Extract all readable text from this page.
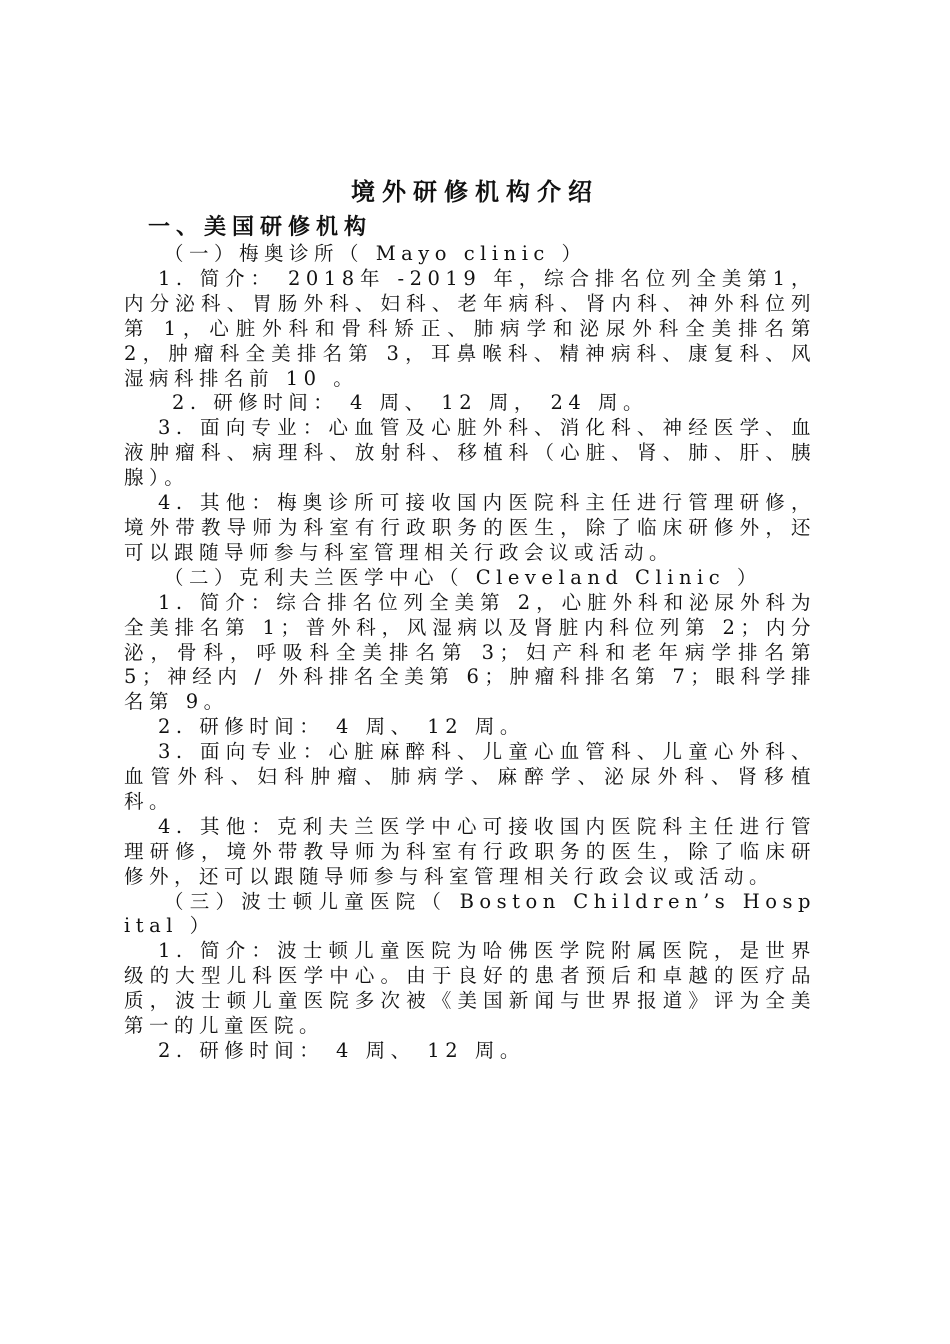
境外研修机构介绍
一、美国研修机构

（一）梅奥诊所（ Mayo clinic ）

1. 简介： 2018年 -2019 年，综合排名位列全美第1，内分泌科、胃肠外科、妇科、老年病科、肾内科、神外科位列第 1，心脏外科和骨科矫正、肺病学和泌尿外科全美排名第 2，肿瘤科全美排名第 3，耳鼻喉科、精神病科、康复科、风湿病科排名前 10 。

2. 研修时间： 4 周、 12 周， 24 周。

3. 面向专业：心血管及心脏外科、消化科、神经医学、血液肿瘤科、病理科、放射科、移植科（心脏、肾、肺、肝、胰腺）。

4. 其他：梅奥诊所可接收国内医院科主任进行管理研修，境外带教导师为科室有行政职务的医生，除了临床研修外，还可以跟随导师参与科室管理相关行政会议或活动。

（二）克利夫兰医学中心（ Cleveland Clinic ）

1. 简介：综合排名位列全美第 2，心脏外科和泌尿外科为全美排名第 1；普外科，风湿病以及肾脏内科位列第 2；内分泌，骨科，呼吸科全美排名第 3；妇产科和老年病学排名第 5；神经内 / 外科排名全美第 6；肿瘤科排名第 7；眼科学排名第 9。

2. 研修时间： 4 周、 12 周。

3. 面向专业：心脏麻醉科、儿童心血管科、儿童心外科、血管外科、妇科肿瘤、肺病学、麻醉学、泌尿外科、肾移植科。

4. 其他：克利夫兰医学中心可接收国内医院科主任进行管理研修，境外带教导师为科室有行政职务的医生，除了临床研修外，还可以跟随导师参与科室管理相关行政会议或活动。

（三）波士顿儿童医院（ Boston Children’s Hospital ）

1. 简介：波士顿儿童医院为哈佛医学院附属医院，是世界级的大型儿科医学中心。由于良好的患者预后和卓越的医疗品质，波士顿儿童医院多次被《美国新闻与世界报道》评为全美第一的儿童医院。

2. 研修时间： 4 周、 12 周。
